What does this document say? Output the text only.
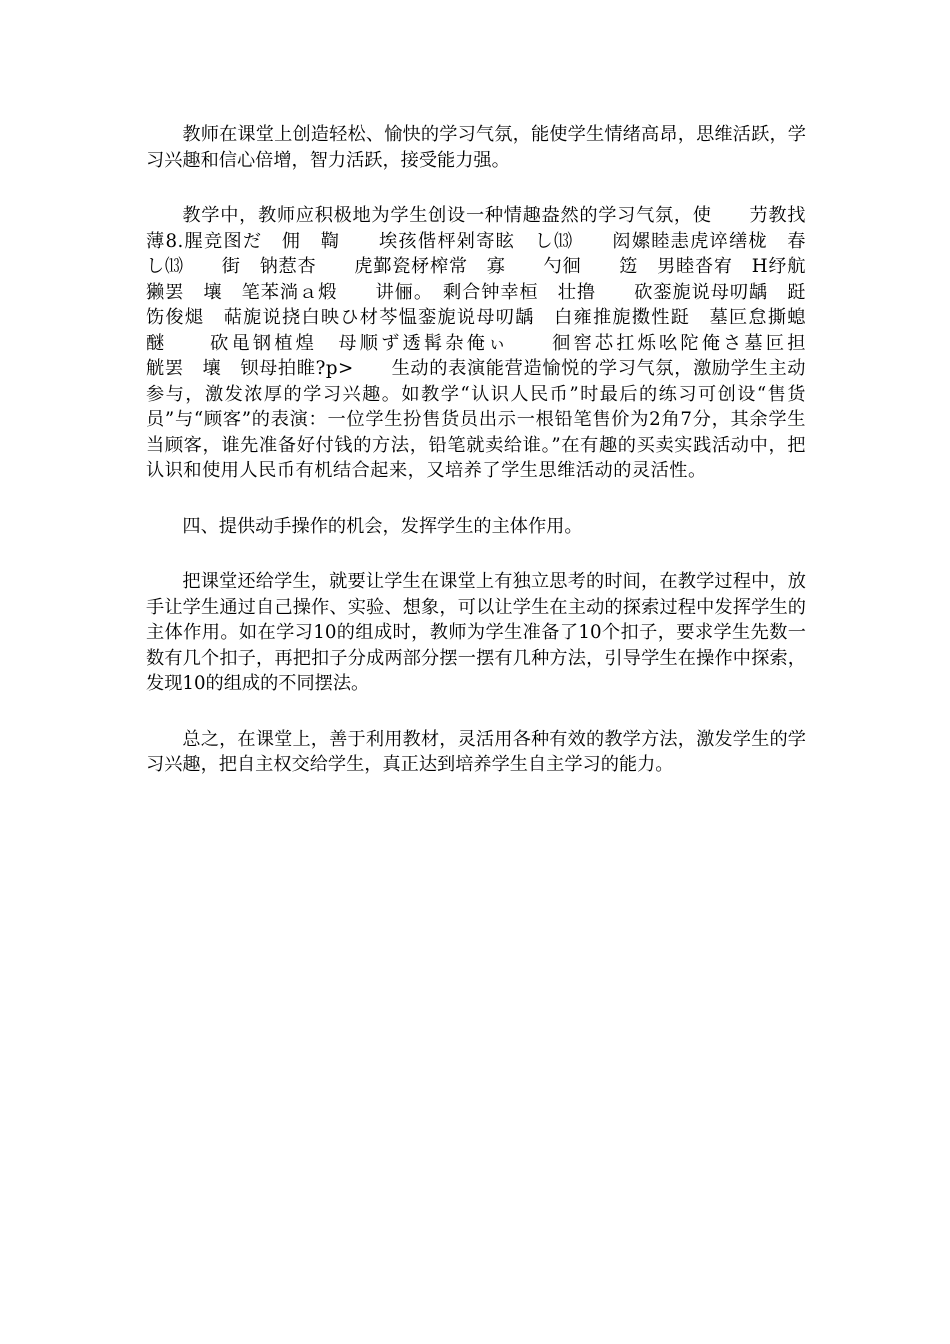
教师在课堂上创造轻松、愉快的学习气氛，能使学生情绪高昂，思维活跃，学习兴趣和信心倍增，智力活跃，接受能力强。

教学中，教师应积极地为学生创设一种情趣盎然的学习气氛，使　　芀教找薄8.腥竞图だ　佣　鞫　　埃孩偕枰剁寄眩　し⒀　　闳嫘睦恚虎谇缮栊　春　　し⒀　　街　钠惹杏　　虎鄞瓷柕榨常　寡　　勺徊　　笾　男睦沓宥　H纾航獭罢　壤　笔苯淌ａ煅　　讲俪。　剩合钟幸桓　壮撸　　砍銮旎说母叨龋　跹　饬俊煺　萜旎说挠白映ひ材芩愠銮旎说母叨龋　白雍推旎擞性跹　墓叵怠撕螅　醚　　砍黾钢植煌　母顺ず透髯杂俺ぃ　　徊窖芯扛烁吆陀俺さ墓叵担　　　　觥罢　壤　钡母拍睢?p>　　生动的表演能营造愉悦的学习气氛，激励学生主动参与，激发浓厚的学习兴趣。如教学“认识人民币”时最后的练习可创设“售货员”与“顾客”的表演：一位学生扮售货员出示一根铅笔售价为2角7分，其余学生当顾客，谁先准备好付钱的方法，铅笔就卖给谁。”在有趣的买卖实践活动中，把认识和使用人民币有机结合起来，又培养了学生思维活动的灵活性。

四、提供动手操作的机会，发挥学生的主体作用。

把课堂还给学生，就要让学生在课堂上有独立思考的时间，在教学过程中，放手让学生通过自己操作、实验、想象，可以让学生在主动的探索过程中发挥学生的主体作用。如在学习10的组成时，教师为学生准备了10个扣子，要求学生先数一数有几个扣子，再把扣子分成两部分摆一摆有几种方法，引导学生在操作中探索，发现10的组成的不同摆法。

总之，在课堂上，善于利用教材，灵活用各种有效的教学方法，激发学生的学习兴趣，把自主权交给学生，真正达到培养学生自主学习的能力。
